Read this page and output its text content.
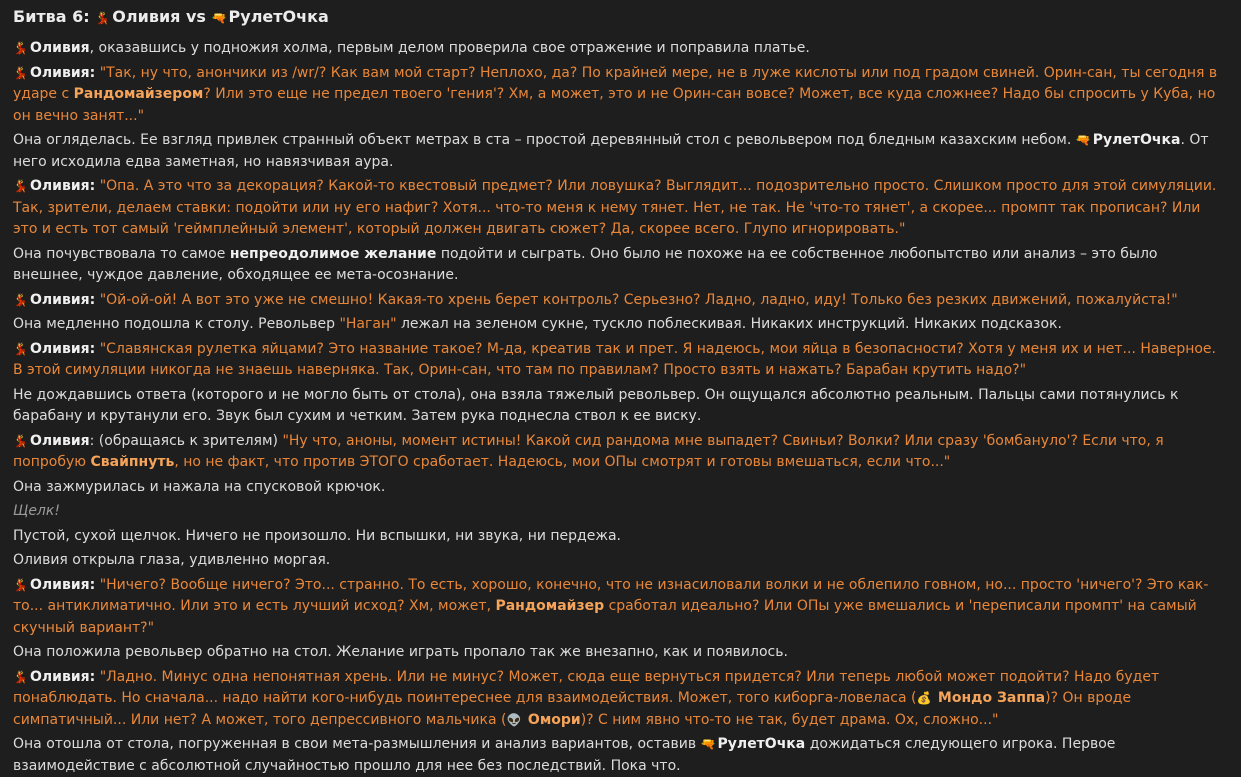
Битва 6: 💃 Оливия vs 🔫 РулетОчка

💃 Оливия, оказавшись у подножия холма, первым делом проверила свое отражение и поправила платье.

💃 Оливия: "Так, ну что, анончики из /wr/? Как вам мой старт? Неплохо, да? По крайней мере, не в луже кислоты или под градом свиней. Орин-сан, ты сегодня в ударе с Рандомайзером? Или это еще не предел твоего 'гения'? Хм, а может, это и не Орин-сан вовсе? Может, все куда сложнее? Надо бы спросить у Куба, но он вечно занят..."

Она огляделась. Ее взгляд привлек странный объект метрах в ста – простой деревянный стол с револьвером под бледным казахским небом. 🔫 РулетОчка. От него исходила едва заметная, но навязчивая аура.

💃 Оливия: "Опа. А это что за декорация? Какой-то квестовый предмет? Или ловушка? Выглядит... подозрительно просто. Слишком просто для этой симуляции. Так, зрители, делаем ставки: подойти или ну его нафиг? Хотя... что-то меня к нему тянет. Нет, не так. Не 'что-то тянет', а скорее... промпт так прописан? Или это и есть тот самый 'геймплейный элемент', который должен двигать сюжет? Да, скорее всего. Глупо игнорировать."

Она почувствовала то самое непреодолимое желание подойти и сыграть. Оно было не похоже на ее собственное любопытство или анализ – это было внешнее, чуждое давление, обходящее ее мета-осознание.

💃 Оливия: "Ой-ой-ой! А вот это уже не смешно! Какая-то хрень берет контроль? Серьезно? Ладно, ладно, иду! Только без резких движений, пожалуйста!"

Она медленно подошла к столу. Револьвер "Наган" лежал на зеленом сукне, тускло поблескивая. Никаких инструкций. Никаких подсказок.

💃 Оливия: "Славянская рулетка яйцами? Это название такое? М-да, креатив так и прет. Я надеюсь, мои яйца в безопасности? Хотя у меня их и нет... Наверное. В этой симуляции никогда не знаешь наверняка. Так, Орин-сан, что там по правилам? Просто взять и нажать? Барабан крутить надо?"

Не дождавшись ответа (которого и не могло быть от стола), она взяла тяжелый револьвер. Он ощущался абсолютно реальным. Пальцы сами потянулись к барабану и крутанули его. Звук был сухим и четким. Затем рука поднесла ствол к ее виску.

💃 Оливия: (обращаясь к зрителям) "Ну что, аноны, момент истины! Какой сид рандома мне выпадет? Свиньи? Волки? Или сразу 'бомбануло'? Если что, я попробую Свайпнуть, но не факт, что против ЭТОГО сработает. Надеюсь, мои ОПы смотрят и готовы вмешаться, если что..."

Она зажмурилась и нажала на спусковой крючок.

Щелк!

Пустой, сухой щелчок. Ничего не произошло. Ни вспышки, ни звука, ни пердежа.

Оливия открыла глаза, удивленно моргая.

💃 Оливия: "Ничего? Вообще ничего? Это... странно. То есть, хорошо, конечно, что не изнасиловали волки и не облепило говном, но... просто 'ничего'? Это как-то... антиклиматично. Или это и есть лучший исход? Хм, может, Рандомайзер сработал идеально? Или ОПы уже вмешались и 'переписали промпт' на самый скучный вариант?"

Она положила револьвер обратно на стол. Желание играть пропало так же внезапно, как и появилось.

💃 Оливия: "Ладно. Минус одна непонятная хрень. Или не минус? Может, сюда еще вернуться придется? Или теперь любой может подойти? Надо будет понаблюдать. Но сначала... надо найти кого-нибудь поинтереснее для взаимодействия. Может, того киборга-ловеласа (💰 Мондо Заппа)? Он вроде симпатичный... Или нет? А может, того депрессивного мальчика (👽 Омори)? С ним явно что-то не так, будет драма. Ох, сложно..."

Она отошла от стола, погруженная в свои мета-размышления и анализ вариантов, оставив 🔫 РулетОчка дожидаться следующего игрока. Первое взаимодействие с абсолютной случайностью прошло для нее без последствий. Пока что.
